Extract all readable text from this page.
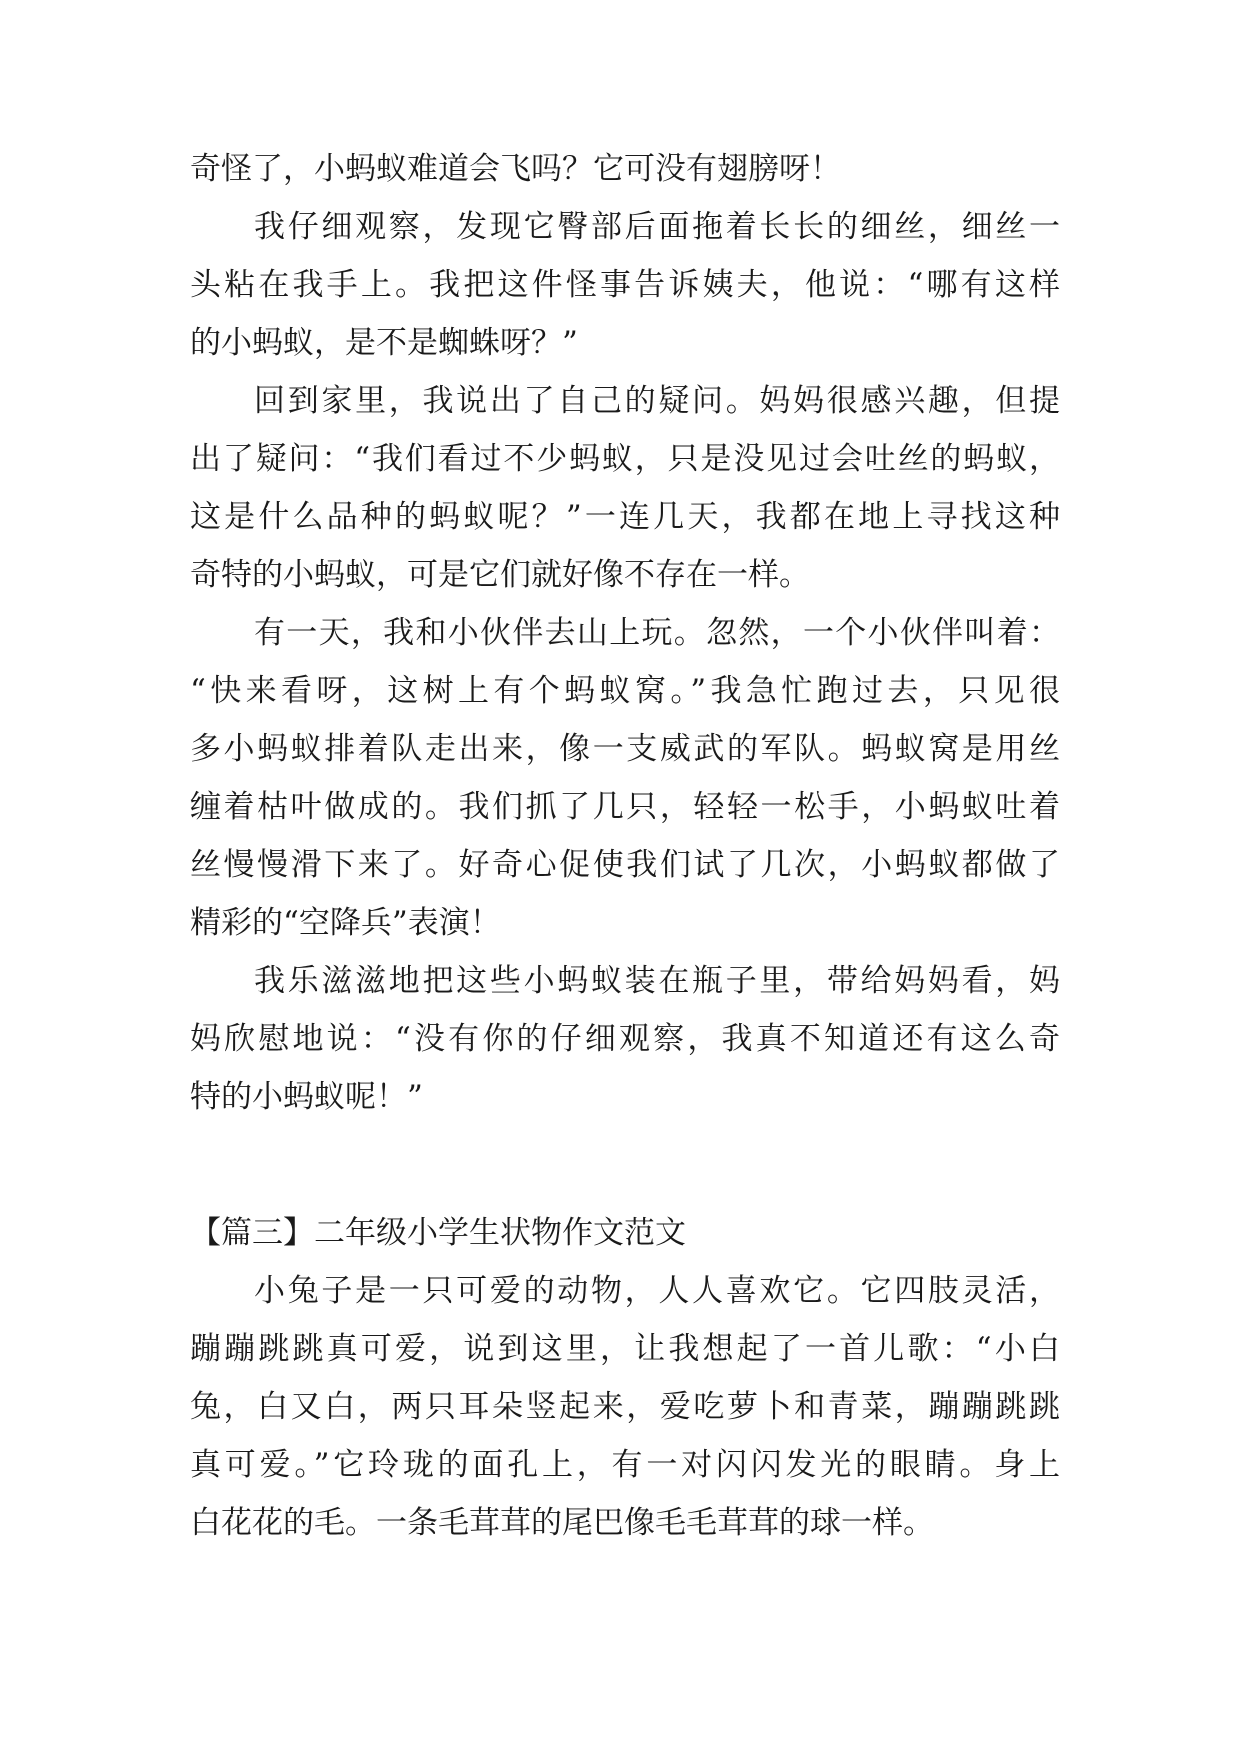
奇怪了，小蚂蚁难道会飞吗？它可没有翅膀呀！
我仔细观察，发现它臀部后面拖着长长的细丝，细丝一
头粘在我手上。我把这件怪事告诉姨夫，他说：“哪有这样
的小蚂蚁，是不是蜘蛛呀？”
回到家里，我说出了自己的疑问。妈妈很感兴趣，但提
出了疑问：“我们看过不少蚂蚁，只是没见过会吐丝的蚂蚁，
这是什么品种的蚂蚁呢？”一连几天，我都在地上寻找这种
奇特的小蚂蚁，可是它们就好像不存在一样。
有一天，我和小伙伴去山上玩。忽然，一个小伙伴叫着：
“快来看呀，这树上有个蚂蚁窝。”我急忙跑过去，只见很
多小蚂蚁排着队走出来，像一支威武的军队。蚂蚁窝是用丝
缠着枯叶做成的。我们抓了几只，轻轻一松手，小蚂蚁吐着
丝慢慢滑下来了。好奇心促使我们试了几次，小蚂蚁都做了
精彩的“空降兵”表演！
我乐滋滋地把这些小蚂蚁装在瓶子里，带给妈妈看，妈
妈欣慰地说：“没有你的仔细观察，我真不知道还有这么奇
特的小蚂蚁呢！”
【篇三】二年级小学生状物作文范文
小兔子是一只可爱的动物，人人喜欢它。它四肢灵活，
蹦蹦跳跳真可爱，说到这里，让我想起了一首儿歌：“小白
兔，白又白，两只耳朵竖起来，爱吃萝卜和青菜，蹦蹦跳跳
真可爱。”它玲珑的面孔上，有一对闪闪发光的眼睛。身上
白花花的毛。一条毛茸茸的尾巴像毛毛茸茸的球一样。
